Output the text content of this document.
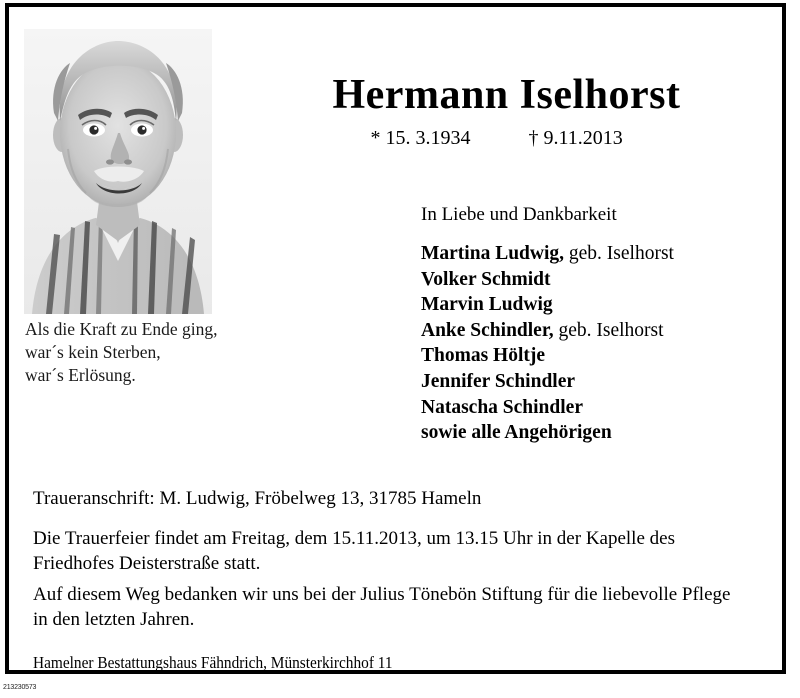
Als die Kraft zu Ende ging,
war´s kein Sterben,
war´s Erlösung.
Hermann Iselhorst
* 15. 3.1934	† 9.11.2013
In Liebe und Dankbarkeit
Martina Ludwig, geb. Iselhorst
Volker Schmidt
Marvin Ludwig
Anke Schindler, geb. Iselhorst
Thomas Höltje
Jennifer Schindler
Natascha Schindler
sowie alle Angehörigen
Traueranschrift: M. Ludwig, Fröbelweg 13, 31785 Hameln
Die Trauerfeier findet am Freitag, dem 15.11.2013, um 13.15 Uhr in der Kapelle des Friedhofes Deisterstraße statt.
Auf diesem Weg bedanken wir uns bei der Julius Tönebön Stiftung für die liebevolle Pflege in den letzten Jahren.
Hamelner Bestattungshaus Fähndrich, Münsterkirchhof 11
213230573
